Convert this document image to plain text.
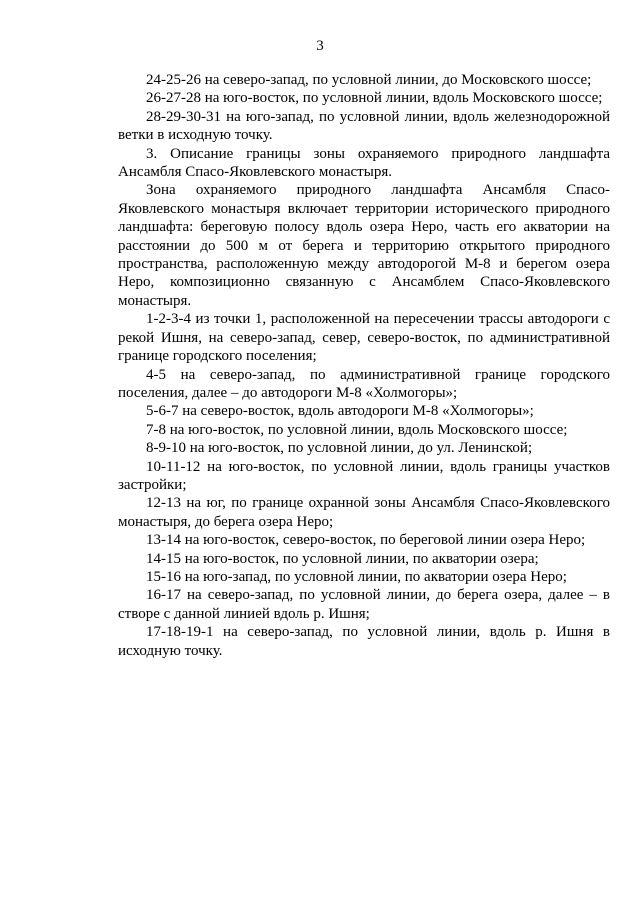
3

24-25-26 на северо-запад, по условной линии, до Московского шоссе;

26-27-28 на юго-восток, по условной линии, вдоль Московского шоссе;

28-29-30-31 на юго-запад, по условной линии, вдоль железнодорожной ветки в исходную точку.

3. Описание границы зоны охраняемого природного ландшафта Ансамбля Спасо-Яковлевского монастыря.

Зона охраняемого природного ландшафта Ансамбля Спасо-Яковлевского монастыря включает территории исторического природного ландшафта: береговую полосу вдоль озера Неро, часть его акватории на расстоянии до 500 м от берега и территорию открытого природного пространства, расположенную между автодорогой М-8 и берегом озера Неро, композиционно связанную с Ансамблем Спасо-Яковлевского монастыря.

1-2-3-4 из точки 1, расположенной на пересечении трассы автодороги с рекой Ишня, на северо-запад, север, северо-восток, по административной границе городского поселения;

4-5 на северо-запад, по административной границе городского поселения, далее – до автодороги М-8 «Холмогоры»;

5-6-7 на северо-восток, вдоль автодороги М-8 «Холмогоры»;

7-8 на юго-восток, по условной линии, вдоль Московского шоссе;

8-9-10 на юго-восток, по условной линии, до ул. Ленинской;

10-11-12 на юго-восток, по условной линии, вдоль границы участков застройки;

12-13 на юг, по границе охранной зоны Ансамбля Спасо-Яковлевского монастыря, до берега озера Неро;

13-14 на юго-восток, северо-восток, по береговой линии озера Неро;

14-15 на юго-восток, по условной линии, по акватории озера;

15-16 на юго-запад, по условной линии, по акватории озера Неро;

16-17 на северо-запад, по условной линии, до берега озера, далее – в створе с данной линией вдоль р. Ишня;

17-18-19-1 на северо-запад, по условной линии, вдоль р. Ишня в исходную точку.
